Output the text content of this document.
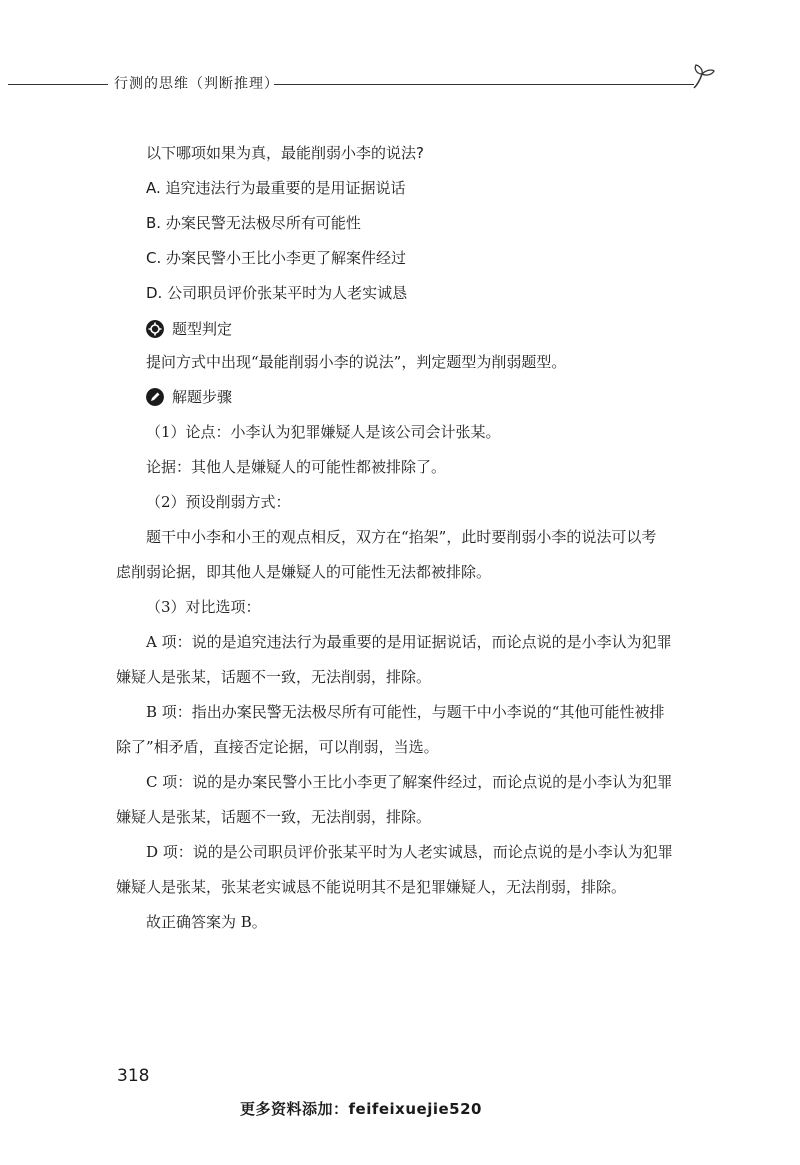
行测的思维（判断推理）
以下哪项如果为真，最能削弱小李的说法?
A. 追究违法行为最重要的是用证据说话
B. 办案民警无法极尽所有可能性
C. 办案民警小王比小李更了解案件经过
D. 公司职员评价张某平时为人老实诚恳
题型判定
提问方式中出现“最能削弱小李的说法”，判定题型为削弱题型。
解题步骤
（1）论点：小李认为犯罪嫌疑人是该公司会计张某。
论据：其他人是嫌疑人的可能性都被排除了。
（2）预设削弱方式：
题干中小李和小王的观点相反，双方在“掐架”，此时要削弱小李的说法可以考
虑削弱论据，即其他人是嫌疑人的可能性无法都被排除。
（3）对比选项：
A 项：说的是追究违法行为最重要的是用证据说话，而论点说的是小李认为犯罪
嫌疑人是张某，话题不一致，无法削弱，排除。
B 项：指出办案民警无法极尽所有可能性，与题干中小李说的“其他可能性被排
除了”相矛盾，直接否定论据，可以削弱，当选。
C 项：说的是办案民警小王比小李更了解案件经过，而论点说的是小李认为犯罪
嫌疑人是张某，话题不一致，无法削弱，排除。
D 项：说的是公司职员评价张某平时为人老实诚恳，而论点说的是小李认为犯罪
嫌疑人是张某，张某老实诚恳不能说明其不是犯罪嫌疑人，无法削弱，排除。
故正确答案为 B。
318
更多资料添加：feifeixuejie520
